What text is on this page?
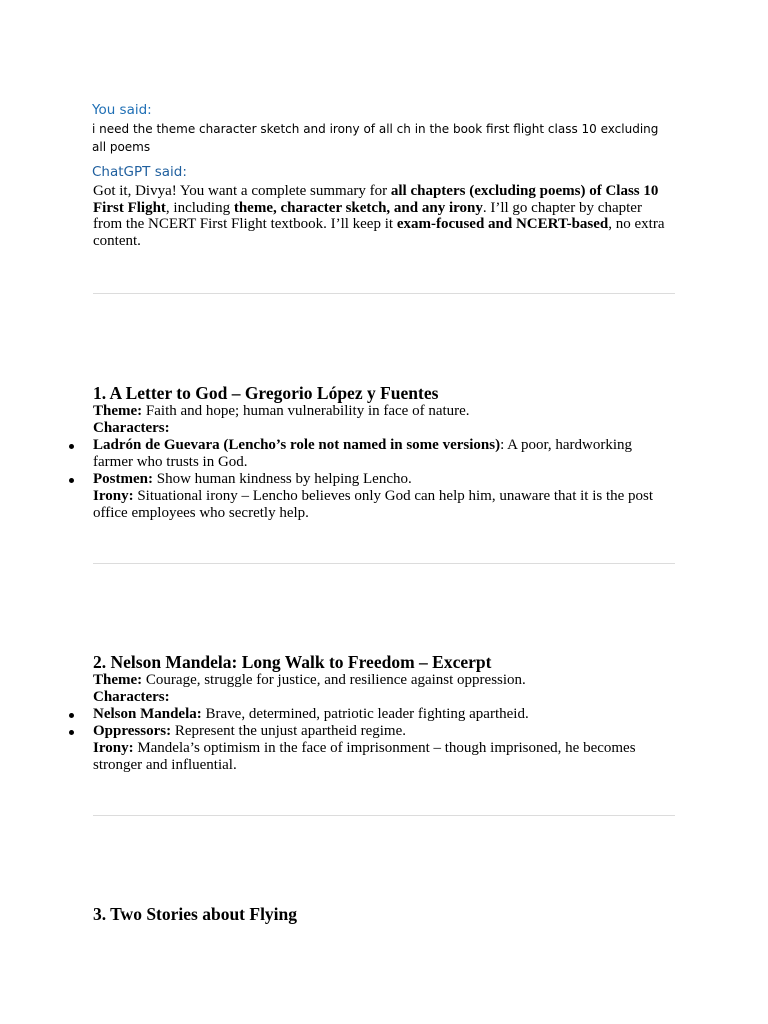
You said:
i need the theme character sketch and irony of all ch in the book first flight class 10 excluding all poems
ChatGPT said:
Got it, Divya! You want a complete summary for all chapters (excluding poems) of Class 10 First Flight, including theme, character sketch, and any irony. I’ll go chapter by chapter from the NCERT First Flight textbook. I’ll keep it exam-focused and NCERT-based, no extra content.
1. A Letter to God – Gregorio López y Fuentes

Theme: Faith and hope; human vulnerability in face of nature.

Characters:

Ladrón de Guevara (Lencho’s role not named in some versions): A poor, hardworking farmer who trusts in God.
Postmen: Show human kindness by helping Lencho.

Irony: Situational irony – Lencho believes only God can help him, unaware that it is the post office employees who secretly help.

2. Nelson Mandela: Long Walk to Freedom – Excerpt

Theme: Courage, struggle for justice, and resilience against oppression.

Characters:

Nelson Mandela: Brave, determined, patriotic leader fighting apartheid.
Oppressors: Represent the unjust apartheid regime.

Irony: Mandela’s optimism in the face of imprisonment – though imprisoned, he becomes stronger and influential.

3. Two Stories about Flying
